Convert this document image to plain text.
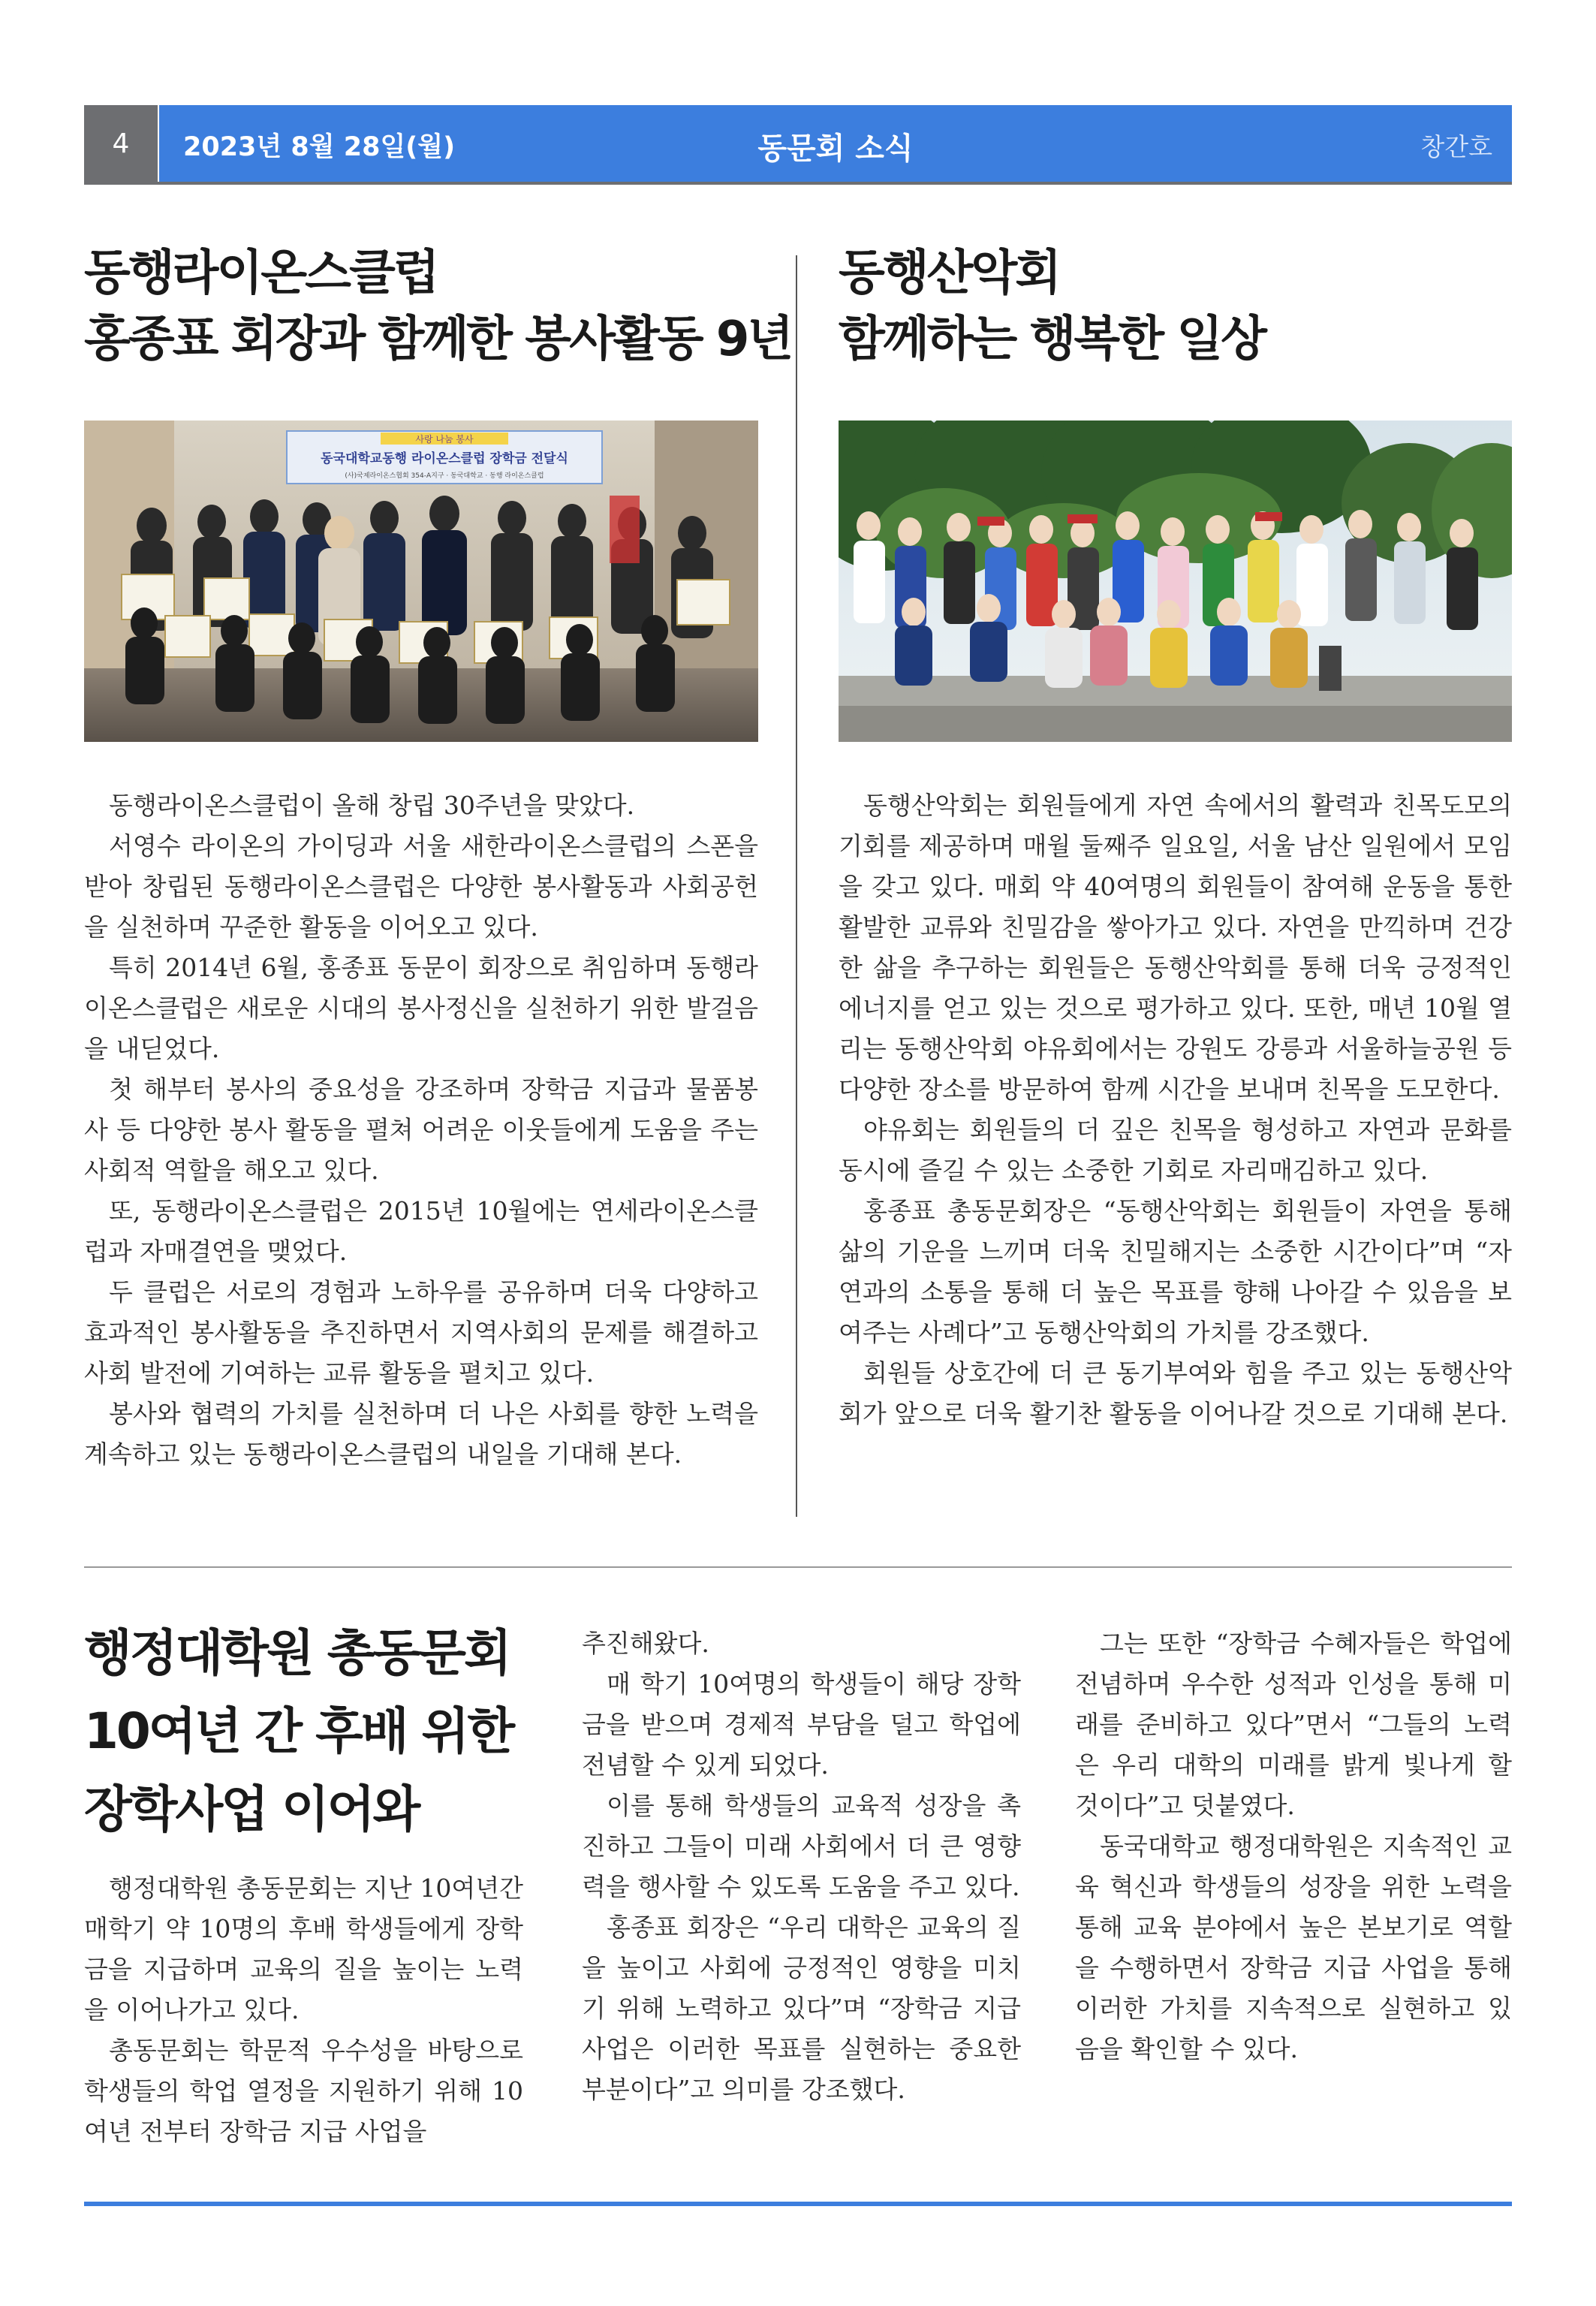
4 2023년 8월 28일(월)	동문회 소식	창간호
동행라이온스클럽
홍종표 회장과 함께한 봉사활동 9년
사랑 나눔 봉사
동국대학교동행 라이온스클럽 장학금 전달식
(사)국제라이온스협회 354-A지구 · 동국대학교 · 동행 라이온스클럽

동행라이온스클럽이 올해 창립 30주년을 맞았다.

서영수 라이온의 가이딩과 서울 새한라이온스클럽의 스폰을 받아 창립된 동행라이온스클럽은 다양한 봉사활동과 사회공헌을 실천하며 꾸준한 활동을 이어오고 있다.

특히 2014년 6월, 홍종표 동문이 회장으로 취임하며 동행라이온스클럽은 새로운 시대의 봉사정신을 실천하기 위한 발걸음을 내딛었다.

첫 해부터 봉사의 중요성을 강조하며 장학금 지급과 물품봉사 등 다양한 봉사 활동을 펼쳐 어려운 이웃들에게 도움을 주는 사회적 역할을 해오고 있다.

또, 동행라이온스클럽은 2015년 10월에는 연세라이온스클럽과 자매결연을 맺었다.

두 클럽은 서로의 경험과 노하우를 공유하며 더욱 다양하고 효과적인 봉사활동을 추진하면서 지역사회의 문제를 해결하고 사회 발전에 기여하는 교류 활동을 펼치고 있다.

봉사와 협력의 가치를 실천하며 더 나은 사회를 향한 노력을 계속하고 있는 동행라이온스클럽의 내일을 기대해 본다.

동행산악회
함께하는 행복한 일상

동행산악회는 회원들에게 자연 속에서의 활력과 친목도모의 기회를 제공하며 매월 둘째주 일요일, 서울 남산 일원에서 모임을 갖고 있다. 매회 약 40여명의 회원들이 참여해 운동을 통한 활발한 교류와 친밀감을 쌓아가고 있다. 자연을 만끽하며 건강한 삶을 추구하는 회원들은 동행산악회를 통해 더욱 긍정적인 에너지를 얻고 있는 것으로 평가하고 있다. 또한, 매년 10월 열리는 동행산악회 야유회에서는 강원도 강릉과 서울하늘공원 등 다양한 장소를 방문하여 함께 시간을 보내며 친목을 도모한다.

야유회는 회원들의 더 깊은 친목을 형성하고 자연과 문화를 동시에 즐길 수 있는 소중한 기회로 자리매김하고 있다.

홍종표 총동문회장은 “동행산악회는 회원들이 자연을 통해 삶의 기운을 느끼며 더욱 친밀해지는 소중한 시간이다”며 “자연과의 소통을 통해 더 높은 목표를 향해 나아갈 수 있음을 보여주는 사례다”고 동행산악회의 가치를 강조했다.

회원들 상호간에 더 큰 동기부여와 힘을 주고 있는 동행산악회가 앞으로 더욱 활기찬 활동을 이어나갈 것으로 기대해 본다.

행정대학원 총동문회
10여년 간 후배 위한
장학사업 이어와

행정대학원 총동문회는 지난 10여년간 매학기 약 10명의 후배 학생들에게 장학금을 지급하며 교육의 질을 높이는 노력을 이어나가고 있다.

총동문회는 학문적 우수성을 바탕으로 학생들의 학업 열정을 지원하기 위해 10여년 전부터 장학금 지급 사업을

추진해왔다.

매 학기 10여명의 학생들이 해당 장학금을 받으며 경제적 부담을 덜고 학업에 전념할 수 있게 되었다.

이를 통해 학생들의 교육적 성장을 촉진하고 그들이 미래 사회에서 더 큰 영향력을 행사할 수 있도록 도움을 주고 있다.

홍종표 회장은 “우리 대학은 교육의 질을 높이고 사회에 긍정적인 영향을 미치기 위해 노력하고 있다”며 “장학금 지급 사업은 이러한 목표를 실현하는 중요한 부분이다”고 의미를 강조했다.

그는 또한 “장학금 수혜자들은 학업에 전념하며 우수한 성적과 인성을 통해 미래를 준비하고 있다”면서 “그들의 노력은 우리 대학의 미래를 밝게 빛나게 할 것이다”고 덧붙였다.

동국대학교 행정대학원은 지속적인 교육 혁신과 학생들의 성장을 위한 노력을 통해 교육 분야에서 높은 본보기로 역할을 수행하면서 장학금 지급 사업을 통해 이러한 가치를 지속적으로 실현하고 있음을 확인할 수 있다.
